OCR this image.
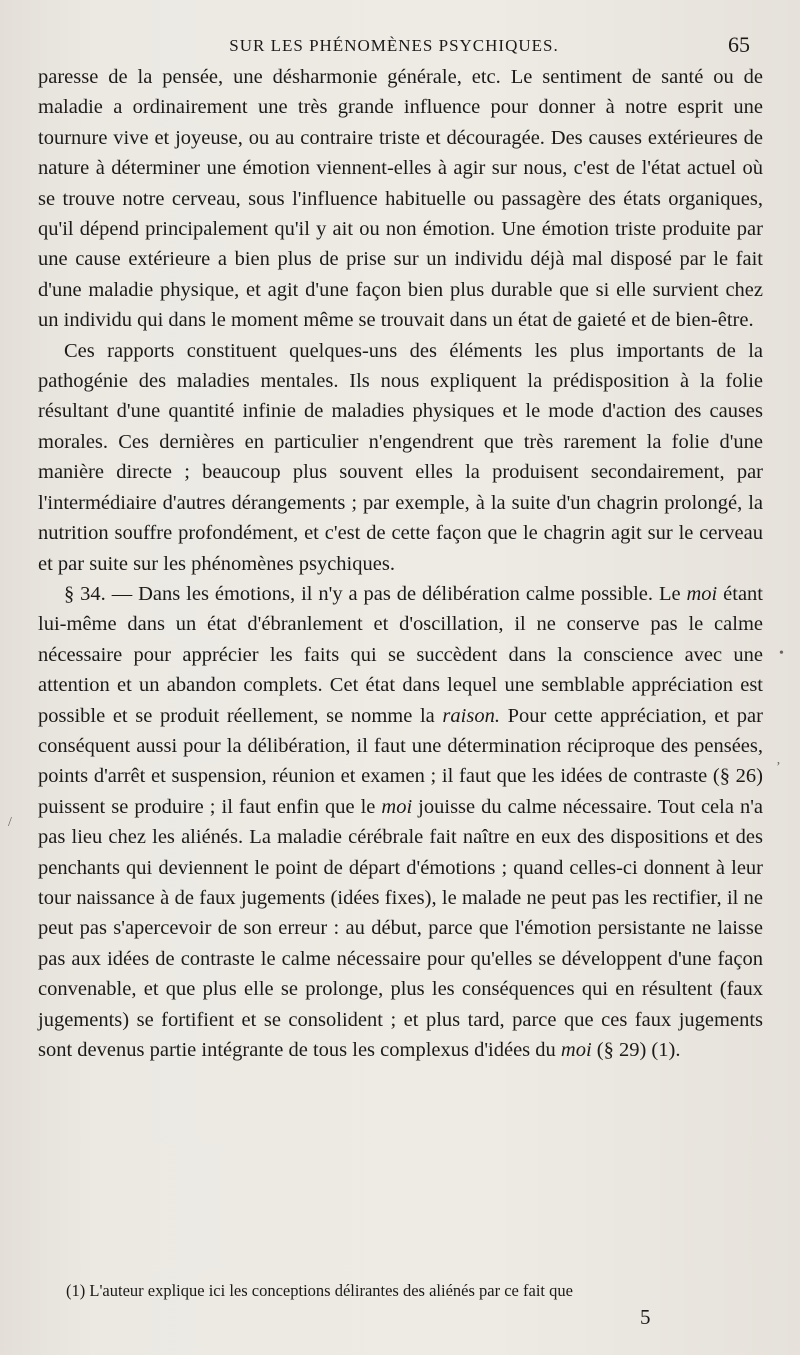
SUR LES PHÉNOMÈNES PSYCHIQUES.	65

paresse de la pensée, une désharmonie générale, etc. Le sentiment de santé ou de maladie a ordinairement une très grande influence pour donner à notre esprit une tournure vive et joyeuse, ou au contraire triste et découragée. Des causes extérieures de nature à déterminer une émotion viennent-elles à agir sur nous, c'est de l'état actuel où se trouve notre cerveau, sous l'influence habituelle ou passagère des états organiques, qu'il dépend principalement qu'il y ait ou non émotion. Une émotion triste produite par une cause extérieure a bien plus de prise sur un individu déjà mal disposé par le fait d'une maladie physique, et agit d'une façon bien plus durable que si elle survient chez un individu qui dans le moment même se trouvait dans un état de gaieté et de bien-être.

Ces rapports constituent quelques-uns des éléments les plus importants de la pathogénie des maladies mentales. Ils nous expliquent la prédisposition à la folie résultant d'une quantité infinie de maladies physiques et le mode d'action des causes morales. Ces dernières en particulier n'engendrent que très rarement la folie d'une manière directe ; beaucoup plus souvent elles la produisent secondairement, par l'intermédiaire d'autres dérangements ; par exemple, à la suite d'un chagrin prolongé, la nutrition souffre profondément, et c'est de cette façon que le chagrin agit sur le cerveau et par suite sur les phénomènes psychiques.

§ 34. — Dans les émotions, il n'y a pas de délibération calme possible. Le moi étant lui-même dans un état d'ébranlement et d'oscillation, il ne conserve pas le calme nécessaire pour apprécier les faits qui se succèdent dans la conscience avec une attention et un abandon complets. Cet état dans lequel une semblable appréciation est possible et se produit réellement, se nomme la raison. Pour cette appréciation, et par conséquent aussi pour la délibération, il faut une détermination réciproque des pensées, points d'arrêt et suspension, réunion et examen ; il faut que les idées de contraste (§ 26) puissent se produire ; il faut enfin que le moi jouisse du calme nécessaire. Tout cela n'a pas lieu chez les aliénés. La maladie cérébrale fait naître en eux des dispositions et des penchants qui deviennent le point de départ d'émotions ; quand celles-ci donnent à leur tour naissance à de faux jugements (idées fixes), le malade ne peut pas les rectifier, il ne peut pas s'apercevoir de son erreur : au début, parce que l'émotion persistante ne laisse pas aux idées de contraste le calme nécessaire pour qu'elles se développent d'une façon convenable, et que plus elle se prolonge, plus les conséquences qui en résultent (faux jugements) se fortifient et se consolident ; et plus tard, parce que ces faux jugements sont devenus partie intégrante de tous les complexus d'idées du moi (§ 29) (1).

•
ʼ
/
(1) L'auteur explique ici les conceptions délirantes des aliénés par ce fait que
5
